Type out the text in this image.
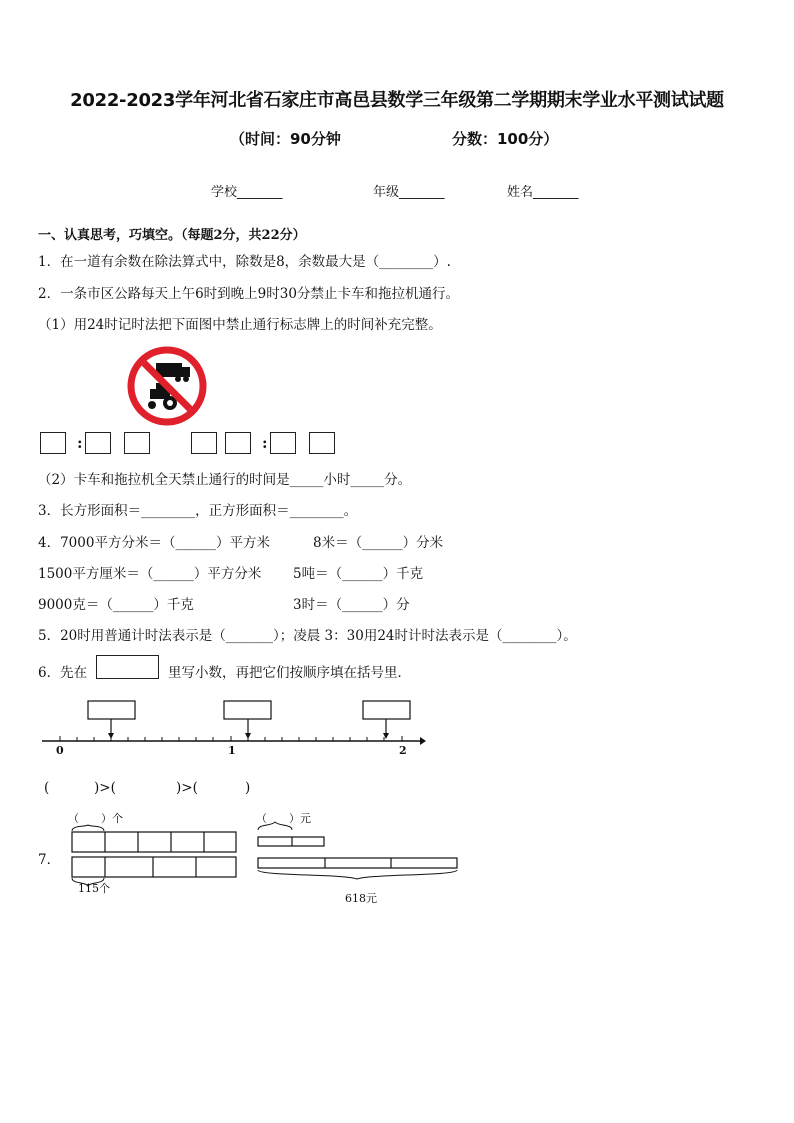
2022-2023学年河北省石家庄市高邑县数学三年级第二学期期末学业水平测试试题
（时间：90分钟	分数：100分）
学校_______	年级_______	姓名_______
一、认真思考，巧填空。（每题2分，共22分）
1．在一道有余数在除法算式中，除数是8，余数最大是（________）.
2．一条市区公路每天上午6时到晚上9时30分禁止卡车和拖拉机通行。
（1）用24时记时法把下面图中禁止通行标志牌上的时间补充完整。
:	:
（2）卡车和拖拉机全天禁止通行的时间是_____小时_____分。
3．长方形面积＝________，正方形面积＝________。
4．7000平方分米＝（______）平方米	8米＝（______）分米
1500平方厘米＝（______）平方分米 5吨＝（______）千克
9000克＝（______）千克	3时＝（______）分
5．20时用普通计时法表示是（_______）；凌晨 3：30用24时计时法表示是（________）。
6．先在	里写小数，再把它们按顺序填在括号里．
0	1	2
(	)>(	)>(	)
7．
（　　）个	（　　）元
115个
618元
